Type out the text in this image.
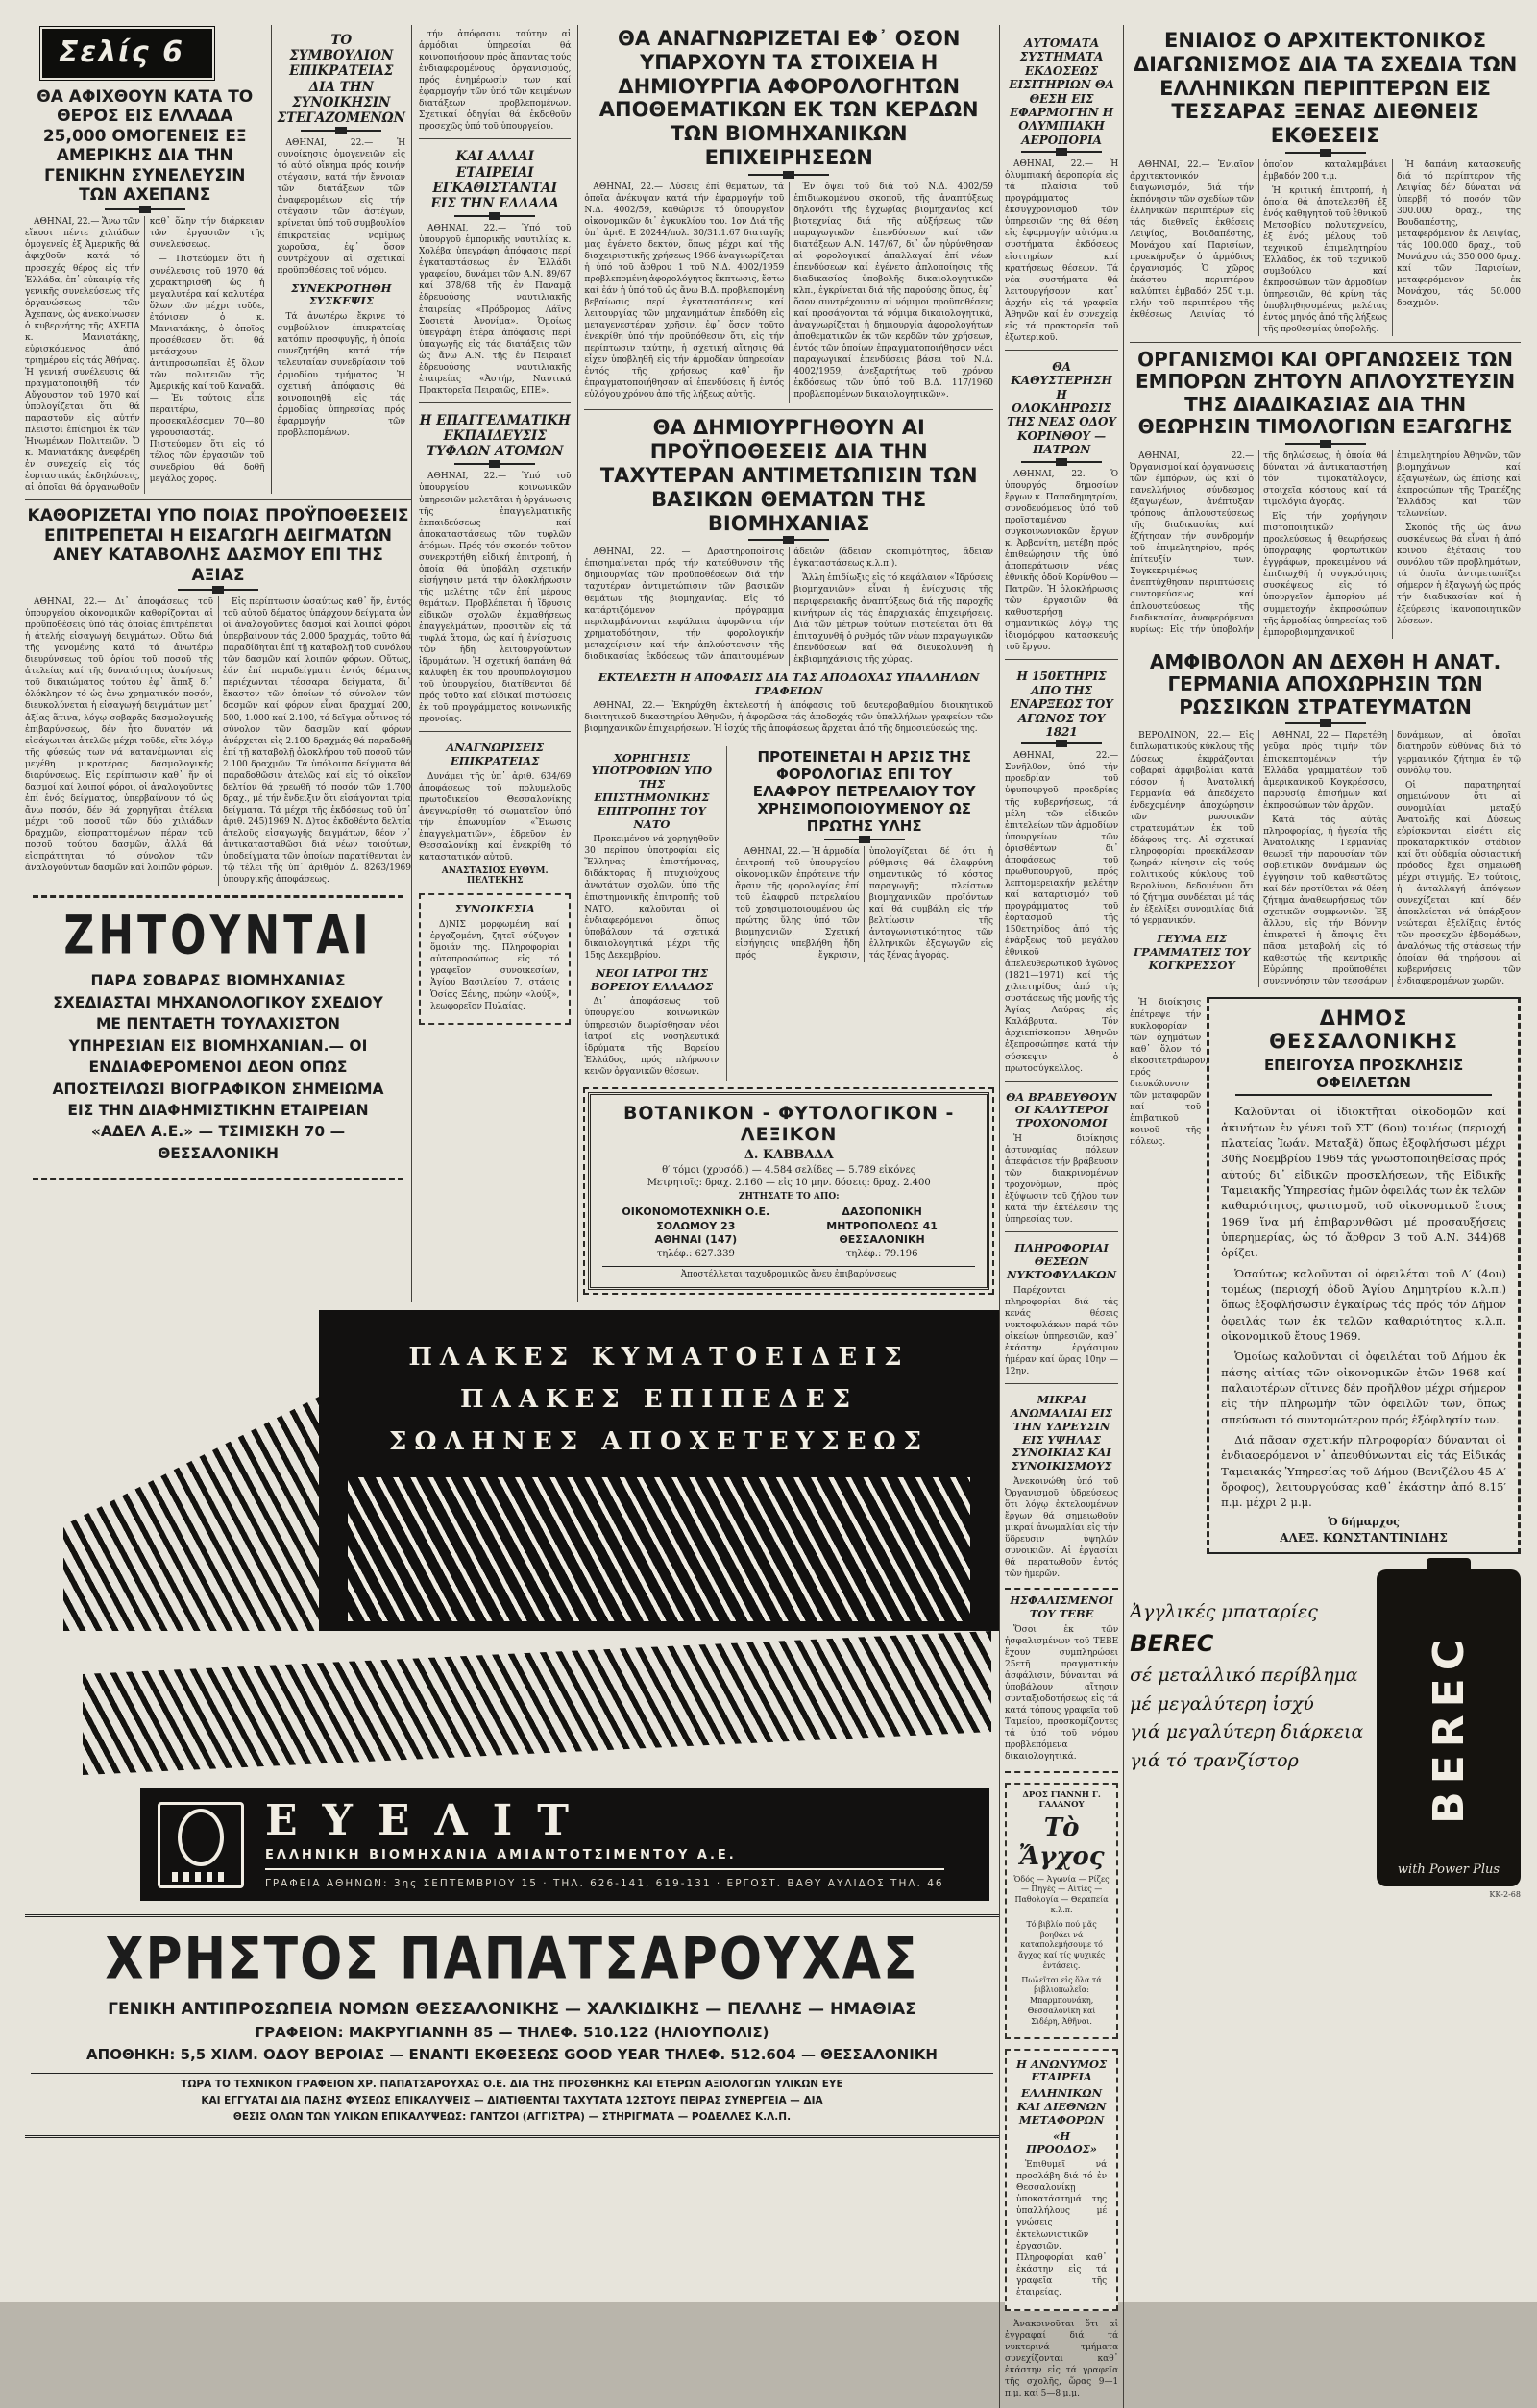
Σελίς 6
ΘΑ ΑΦΙΧΘΟΥΝ ΚΑΤΑ ΤΟ ΘΕΡΟΣ ΕΙΣ ΕΛΛΑΔΑ 25,000 ΟΜΟΓΕΝΕΙΣ ΕΞ ΑΜΕΡΙΚΗΣ ΔΙΑ ΤΗΝ ΓΕΝΙΚΗΝ ΣΥΝΕΛΕΥΣΙΝ ΤΩΝ ΑΧΕΠΑΝΣ

ΑΘΗΝΑΙ, 22.— Ἄνω τῶν εἴκοσι πέντε χιλιάδων ὁμογενεῖς ἐξ Ἀμερικῆς θά ἀφιχθοῦν κατά τό προσεχές θέρος εἰς τήν Ἑλλάδα, ἐπ᾽ εὐκαιρίᾳ τῆς γενικῆς συνελεύσεως τῆς ὀργανώσεως τῶν Ἀχεπανς, ὡς ἀνεκοίνωσεν ὁ κυβερνήτης τῆς ΑΧΕΠΑ κ. Μανιατάκης, εὑρισκόμενος ἀπό τριημέρου εἰς τάς Ἀθήνας. Ἡ γενική συνέλευσις θά πραγματοποιηθῆ τόν Αὔγουστον τοῦ 1970 καί ὑπολογίζεται ὅτι θά παραστοῦν εἰς αὐτήν πλεῖστοι ἐπίσημοι ἐκ τῶν Ἡνωμένων Πολιτειῶν. Ὁ κ. Μανιατάκης ἀνεφέρθη ἐν συνεχείᾳ εἰς τάς ἑορταστικάς ἐκδηλώσεις, αἱ ὁποῖαι θά ὀργανωθοῦν καθ᾽ ὅλην τήν διάρκειαν τῶν ἐργασιῶν τῆς συνελεύσεως.

— Πιστεύομεν ὅτι ἡ συνέλευσις τοῦ 1970 θά χαρακτηρισθῆ ὡς ἡ μεγαλυτέρα καί καλυτέρα ὅλων τῶν μέχρι τοῦδε, ἐτόνισεν ὁ κ. Μανιατάκης, ὁ ὁποῖος προσέθεσεν ὅτι θά μετάσχουν ἀντιπροσωπεῖαι ἐξ ὅλων τῶν πολιτειῶν τῆς Ἀμερικῆς καί τοῦ Καναδᾶ. — Ἐν τούτοις, εἶπε περαιτέρω, προσεκαλέσαμεν 70—80 γερουσιαστάς. Πιστεύομεν ὅτι εἰς τό τέλος τῶν ἐργασιῶν τοῦ συνεδρίου θά δοθῆ μεγάλος χορός.

ΤΟ ΣΥΜΒΟΥΛΙΟΝ ΕΠΙΚΡΑΤΕΙΑΣ ΔΙΑ ΤΗΝ ΣΥΝΟΙΚΗΣΙΝ ΣΤΕΓΑΖΟΜΕΝΩΝ

ΑΘΗΝΑΙ, 22.— Ἡ συνοίκησις ὁμογενειῶν εἰς τό αὐτό οἴκημα πρός κοινήν στέγασιν, κατά τήν ἔννοιαν τῶν διατάξεων τῶν ἀναφερομένων εἰς τήν στέγασιν τῶν ἀστέγων, κρίνεται ὑπό τοῦ συμβουλίου ἐπικρατείας νομίμως χωροῦσα, ἐφ᾽ ὅσον συντρέχουν αἱ σχετικαί προϋποθέσεις τοῦ νόμου.

ΣΥΝΕΚΡΟΤΗΘΗ ΣΥΣΚΕΨΙΣ

Τά ἀνωτέρω ἔκρινε τό συμβούλιον ἐπικρατείας κατόπιν προσφυγῆς, ἡ ὁποία συνεζητήθη κατά τήν τελευταίαν συνεδρίασιν τοῦ ἁρμοδίου τμήματος. Ἡ σχετική ἀπόφασις θά κοινοποιηθῆ εἰς τάς ἁρμοδίας ὑπηρεσίας πρός ἐφαρμογήν τῶν προβλεπομένων.

ΚΑΘΟΡΙΖΕΤΑΙ ΥΠΟ ΠΟΙΑΣ ΠΡΟΫΠΟΘΕΣΕΙΣ ΕΠΙΤΡΕΠΕΤΑΙ Η ΕΙΣΑΓΩΓΗ ΔΕΙΓΜΑΤΩΝ ΑΝΕΥ ΚΑΤΑΒΟΛΗΣ ΔΑΣΜΟΥ ΕΠΙ ΤΗΣ ΑΞΙΑΣ

ΑΘΗΝΑΙ, 22.— Δι᾽ ἀποφάσεως τοῦ ὑπουργείου οἰκονομικῶν καθορίζονται αἱ προϋποθέσεις ὑπό τάς ὁποίας ἐπιτρέπεται ἡ ἀτελής εἰσαγωγή δειγμάτων. Οὕτω διά τῆς γενομένης κατά τά ἀνωτέρω διευρύνσεως τοῦ ὁρίου τοῦ ποσοῦ τῆς ἀτελείας καί τῆς δυνατότητος ἀσκήσεως τοῦ δικαιώματος τούτου ἐφ᾽ ἅπαξ δι᾽ ὁλόκληρον τό ὡς ἄνω χρηματικόν ποσόν, διευκολύνεται ἡ εἰσαγωγή δειγμάτων μετ᾽ ἀξίας ἅτινα, λόγῳ σοβαρᾶς δασμολογικῆς ἐπιβαρύνσεως, δέν ἦτο δυνατόν νά εἰσάγωνται ἀτελῶς μέχρι τοῦδε, εἴτε λόγῳ τῆς φύσεώς των νά κατανέμωνται εἰς μεγέθη μικροτέρας δασμολογικῆς διαρύνσεως. Εἰς περίπτωσιν καθ᾽ ἥν οἱ δασμοί καί λοιποί φόροι, οἱ ἀναλογοῦντες ἐπί ἑνός δείγματος, ὑπερβαίνουν τό ὡς ἄνω ποσόν, δέν θά χορηγῆται ἀτέλεια μέχρι τοῦ ποσοῦ τῶν δύο χιλιάδων δραχμῶν, εἰσπραττομένων πέραν τοῦ ποσοῦ τούτου δασμῶν, ἀλλά θά εἰσπράττηται τό σύνολον τῶν ἀναλογούντων δασμῶν καί λοιπῶν φόρων.

Εἰς περίπτωσιν ὡσαύτως καθ᾽ ἥν, ἐντός τοῦ αὐτοῦ δέματος ὑπάρχουν δείγματα ὧν οἱ ἀναλογοῦντες δασμοί καί λοιποί φόροι ὑπερβαίνουν τάς 2.000 δραχμάς, τοῦτο θά παραδίδηται ἐπί τῇ καταβολῇ τοῦ συνόλου τῶν δασμῶν καί λοιπῶν φόρων. Οὕτως, ἐάν ἐπί παραδείγματι ἐντός δέματος περιέχωνται τέσσαρα δείγματα, δι᾽ ἕκαστον τῶν ὁποίων τό σύνολον τῶν δασμῶν καί φόρων εἶναι δραχμαί 200, 500, 1.000 καί 2.100, τό δεῖγμα οὗτινος τό σύνολον τῶν δασμῶν καί φόρων ἀνέρχεται εἰς 2.100 δραχμάς θά παραδοθῆ ἐπί τῇ καταβολῇ ὁλοκλήρου τοῦ ποσοῦ τῶν 2.100 δραχμῶν. Τά ὑπόλοιπα δείγματα θά παραδοθῶσιν ἀτελῶς καί εἰς τό οἰκεῖον δελτίον θά χρεωθῆ τό ποσόν τῶν 1.700 δραχ., μέ τήν ἔνδειξιν ὅτι εἰσάγονται τρία δείγματα. Τά μέχρι τῆς ἐκδόσεως τοῦ ὑπ᾽ ἀριθ. 245)1969 Ν. Δ)τος ἐκδοθέντα δελτία ἀτελοῦς εἰσαγωγῆς δειγμάτων, δέον ν᾽ ἀντικατασταθῶσι διά νέων τοιούτων, ὑποδείγματα τῶν ὁποίων παρατίθενται ἐν τῷ τέλει τῆς ὑπ᾽ ἀριθμόν Δ. 8263/1969 ὑπουργικῆς ἀποφάσεως.

ΖΗΤΟΥΝΤΑΙ
ΠΑΡΑ ΣΟΒΑΡΑΣ ΒΙΟΜΗΧΑΝΙΑΣ ΣΧΕΔΙΑΣΤΑΙ ΜΗΧΑΝΟΛΟΓΙΚΟΥ ΣΧΕΔΙΟΥ ΜΕ ΠΕΝΤΑΕΤΗ ΤΟΥΛΑΧΙΣΤΟΝ ΥΠΗΡΕΣΙΑΝ ΕΙΣ ΒΙΟΜΗΧΑΝΙΑΝ.— ΟΙ ΕΝΔΙΑΦΕΡΟΜΕΝΟΙ ΔΕΟΝ ΟΠΩΣ ΑΠΟΣΤΕΙΛΩΣΙ ΒΙΟΓΡΑΦΙΚΟΝ ΣΗΜΕΙΩΜΑ ΕΙΣ ΤΗΝ ΔΙΑΦΗΜΙΣΤΙΚΗΝ ΕΤΑΙΡΕΙΑΝ «ΑΔΕΛ Α.Ε.» — ΤΣΙΜΙΣΚΗ 70 — ΘΕΣΣΑΛΟΝΙΚΗ

τήν ἀπόφασιν ταύτην αἱ ἁρμόδιαι ὑπηρεσίαι θά κοινοποιήσουν πρός ἅπαντας τούς ἐνδιαφερομένους ὀργανισμούς, πρός ἐνημέρωσίν των καί ἐφαρμογήν τῶν ὑπό τῶν κειμένων διατάξεων προβλεπομένων. Σχετικαί ὁδηγίαι θά ἐκδοθοῦν προσεχῶς ὑπό τοῦ ὑπουργείου.

ΚΑΙ ΑΛΛΑΙ ΕΤΑΙΡΕΙΑΙ ΕΓΚΑΘΙΣΤΑΝΤΑΙ ΕΙΣ ΤΗΝ ΕΛΛΑΔΑ

ΑΘΗΝΑΙ, 22.— Ὑπό τοῦ ὑπουργοῦ ἐμπορικῆς ναυτιλίας κ. Χολέβα ὑπεγράφη ἀπόφασις περί ἐγκαταστάσεως ἐν Ἑλλάδι γραφείου, δυνάμει τῶν Α.Ν. 89/67 καί 378/68 τῆς ἐν Παναμᾷ ἑδρευούσης ναυτιλιακῆς ἑταιρείας «Πρόδρομος Λάϊνς Σοσιετά Ἀνονίμα». Ὁμοίως ὑπεγράφη ἑτέρα ἀπόφασις περί ὑπαγωγῆς εἰς τάς διατάξεις τῶν ὡς ἄνω Α.Ν. τῆς ἐν Πειραιεῖ ἑδρευούσης ναυτιλιακῆς ἑταιρείας «Ἀστήρ, Ναυτικά Πρακτορεῖα Πειραιῶς, ΕΠΕ».

Η ΕΠΑΓΓΕΛΜΑΤΙΚΗ ΕΚΠΑΙΔΕΥΣΙΣ ΤΥΦΛΩΝ ΑΤΟΜΩΝ

ΑΘΗΝΑΙ, 22.— Ὑπό τοῦ ὑπουργείου κοινωνικῶν ὑπηρεσιῶν μελετᾶται ἡ ὀργάνωσις τῆς ἐπαγγελματικῆς ἐκπαιδεύσεως καί ἀποκαταστάσεως τῶν τυφλῶν ἀτόμων. Πρός τόν σκοπόν τοῦτον συνεκροτήθη εἰδική ἐπιτροπή, ἡ ὁποία θά ὑποβάλη σχετικήν εἰσήγησιν μετά τήν ὁλοκλήρωσιν τῆς μελέτης τῶν ἐπί μέρους θεμάτων. Προβλέπεται ἡ ἵδρυσις εἰδικῶν σχολῶν ἐκμαθήσεως ἐπαγγελμάτων, προσιτῶν εἰς τά τυφλά ἄτομα, ὡς καί ἡ ἐνίσχυσις τῶν ἤδη λειτουργούντων ἱδρυμάτων. Ἡ σχετική δαπάνη θά καλυφθῆ ἐκ τοῦ προϋπολογισμοῦ τοῦ ὑπουργείου, διατίθενται δέ πρός τοῦτο καί εἰδικαί πιστώσεις ἐκ τοῦ προγράμματος κοινωνικῆς προνοίας.

ΑΝΑΓΝΩΡΙΣΕΙΣ ΕΠΙΚΡΑΤΕΙΑΣ

Δυνάμει τῆς ὑπ᾽ ἀριθ. 634/69 ἀποφάσεως τοῦ πολυμελοῦς πρωτοδικείου Θεσσαλονίκης ἀνεγνωρίσθη τό σωματεῖον ὑπό τήν ἐπωνυμίαν «Ἕνωσις ἐπαγγελματιῶν», ἑδρεῦον ἐν Θεσσαλονίκῃ καί ἐνεκρίθη τό καταστατικόν αὐτοῦ.

ΑΝΑΣΤΑΣΙΟΣ ΕΥΘΥΜ. ΠΕΛΤΕΚΗΣ
ΣΥΝΟΙΚΕΣΙΑ

Δ)ΝΙΣ μορφωμένη καί ἐργαζομένη, ζητεῖ σύζυγον ὅμοιάν της. Πληροφορίαι αὐτοπροσώπως εἰς τό γραφεῖον συνοικεσίων, Ἁγίου Βασιλείου 7, στάσις Ὁσίας Ξένης, πρώην «λούξ», λεωφορεῖον Πυλαίας.

ΘΑ ΑΝΑΓΝΩΡΙΖΕΤΑΙ ΕΦ᾽ ΟΣΟΝ ΥΠΑΡΧΟΥΝ ΤΑ ΣΤΟΙΧΕΙΑ Η ΔΗΜΙΟΥΡΓΙΑ ΑΦΟΡΟΛΟΓΗΤΩΝ ΑΠΟΘΕΜΑΤΙΚΩΝ ΕΚ ΤΩΝ ΚΕΡΔΩΝ ΤΩΝ ΒΙΟΜΗΧΑΝΙΚΩΝ ΕΠΙΧΕΙΡΗΣΕΩΝ

ΑΘΗΝΑΙ, 22.— Λύσεις ἐπί θεμάτων, τά ὁποῖα ἀνέκυψαν κατά τήν ἐφαρμογήν τοῦ Ν.Δ. 4002/59, καθώρισε τό ὑπουργεῖον οἰκονομικῶν δι᾽ ἐγκυκλίου του. 1ον Διά τῆς ὑπ᾽ ἀριθ. Ε 20244/πολ. 30/31.1.67 διαταγῆς μας ἐγένετο δεκτόν, ὅπως μέχρι καί τῆς διαχειριστικῆς χρήσεως 1966 ἀναγνωρίζεται ἡ ὑπό τοῦ ἄρθρου 1 τοῦ Ν.Δ. 4002/1959 προβλεπομένη ἀφορολόγητος ἔκπτωσις, ἔστω καί ἐάν ἡ ὑπό τοῦ ὡς ἄνω Β.Δ. προβλεπομένη βεβαίωσις περί ἐγκαταστάσεως καί λειτουργίας τῶν μηχανημάτων ἐπεδόθη εἰς μεταγενεστέραν χρῆσιν, ἐφ᾽ ὅσον τοῦτο ἐνεκρίθη ὑπό τήν προϋπόθεσιν ὅτι, εἰς τήν περίπτωσιν ταύτην, ἡ σχετική αἴτησις θά εἶχεν ὑποβληθῆ εἰς τήν ἁρμοδίαν ὑπηρεσίαν ἐντός τῆς χρήσεως καθ᾽ ἥν ἐπραγματοποιήθησαν αἱ ἐπενδύσεις ἤ ἐντός εὐλόγου χρόνου ἀπό τῆς λήξεως αὐτῆς.

Ἐν ὄψει τοῦ διά τοῦ Ν.Δ. 4002/59 ἐπιδιωκομένου σκοποῦ, τῆς ἀναπτύξεως δηλονότι τῆς ἐγχωρίας βιομηχανίας καί βιοτεχνίας διά τῆς αὐξήσεως τῶν παραγωγικῶν ἐπενδύσεων καί τῶν διατάξεων Α.Ν. 147/67, δι᾽ ὧν ηὐρύνθησαν αἱ φορολογικαί ἀπαλλαγαί ἐπί νέων ἐπενδύσεων καί ἐγένετο ἁπλοποίησις τῆς διαδικασίας ὑποβολῆς δικαιολογητικῶν κλπ., ἐγκρίνεται διά τῆς παρούσης ὅπως, ἐφ᾽ ὅσον συντρέχουσιν αἱ νόμιμοι προϋποθέσεις καί προσάγονται τά νόμιμα δικαιολογητικά, ἀναγνωρίζεται ἡ δημιουργία ἀφορολογήτων ἀποθεματικῶν ἐκ τῶν κερδῶν τῶν χρήσεων, ἐντός τῶν ὁποίων ἐπραγματοποιήθησαν νέαι παραγωγικαί ἐπενδύσεις βάσει τοῦ Ν.Δ. 4002/1959, ἀνεξαρτήτως τοῦ χρόνου ἐκδόσεως τῶν ὑπό τοῦ Β.Δ. 117/1960 προβλεπομένων δικαιολογητικῶν».

ΘΑ ΔΗΜΙΟΥΡΓΗΘΟΥΝ ΑΙ ΠΡΟΫΠΟΘΕΣΕΙΣ ΔΙΑ ΤΗΝ ΤΑΧΥΤΕΡΑΝ ΑΝΤΙΜΕΤΩΠΙΣΙΝ ΤΩΝ ΒΑΣΙΚΩΝ ΘΕΜΑΤΩΝ ΤΗΣ ΒΙΟΜΗΧΑΝΙΑΣ

ΑΘΗΝΑΙ, 22. — Δραστηροποίησις ἐπισημαίνεται πρός τήν κατεύθυνσιν τῆς δημιουργίας τῶν προϋποθέσεων διά τήν ταχυτέραν ἀντιμετώπισιν τῶν βασικῶν θεμάτων τῆς βιομηχανίας. Εἰς τό κατάρτιζόμενον πρόγραμμα περιλαμβάνονται κεφάλαια ἀφορῶντα τήν χρηματοδότησιν, τήν φορολογικήν μεταχείρισιν καί τήν ἁπλούστευσιν τῆς διαδικασίας ἐκδόσεως τῶν ἀπαιτουμένων ἀδειῶν (ἄδειαν σκοπιμότητος, ἄδειαν ἐγκαταστάσεως κ.λ.π.).

Ἄλλη ἐπιδίωξις εἰς τό κεφάλαιον «Ἱδρύσεις βιομηχανιῶν» εἶναι ἡ ἐνίσχυσις τῆς περιφερειακῆς ἀναπτύξεως διά τῆς παροχῆς κινήτρων εἰς τάς ἐπαρχιακάς ἐπιχειρήσεις. Διά τῶν μέτρων τούτων πιστεύεται ὅτι θά ἐπιταχυνθῆ ὁ ρυθμός τῶν νέων παραγωγικῶν ἐπενδύσεων καί θά διευκολυνθῆ ἡ ἐκβιομηχάνισις τῆς χώρας.

ΕΚΤΕΛΕΣΤΗ Η ΑΠΟΦΑΣΙΣ ΔΙΑ ΤΑΣ ΑΠΟΔΟΧΑΣ ΥΠΑΛΛΗΛΩΝ ΓΡΑΦΕΙΩΝ

ΑΘΗΝΑΙ, 22.— Ἐκηρύχθη ἐκτελεστή ἡ ἀπόφασις τοῦ δευτεροβαθμίου διοικητικοῦ διαιτητικοῦ δικαστηρίου Ἀθηνῶν, ἡ ἀφορῶσα τάς ἀποδοχάς τῶν ὑπαλλήλων γραφείων τῶν βιομηχανικῶν ἐπιχειρήσεων. Ἡ ἰσχύς τῆς ἀποφάσεως ἄρχεται ἀπό τῆς δημοσιεύσεώς της.

ΧΟΡΗΓΗΣΙΣ ΥΠΟΤΡΟΦΙΩΝ ΥΠΟ ΤΗΣ ΕΠΙΣΤΗΜΟΝΙΚΗΣ ΕΠΙΤΡΟΠΗΣ ΤΟΥ ΝΑΤΟ

Προκειμένου νά χορηγηθοῦν 30 περίπου ὑποτροφίαι εἰς Ἕλληνας ἐπιστήμονας, διδάκτορας ἤ πτυχιούχους ἀνωτάτων σχολῶν, ὑπό τῆς ἐπιστημονικῆς ἐπιτροπῆς τοῦ ΝΑΤΟ, καλοῦνται οἱ ἐνδιαφερόμενοι ὅπως ὑποβάλουν τά σχετικά δικαιολογητικά μέχρι τῆς 15ης Δεκεμβρίου.

ΝΕΟΙ ΙΑΤΡΟΙ ΤΗΣ ΒΟΡΕΙΟΥ ΕΛΛΑΔΟΣ

Δι᾽ ἀποφάσεως τοῦ ὑπουργείου κοινωνικῶν ὑπηρεσιῶν διωρίσθησαν νέοι ἰατροί εἰς νοσηλευτικά ἱδρύματα τῆς Βορείου Ἑλλάδος, πρός πλήρωσιν κενῶν ὀργανικῶν θέσεων.

ΠΡΟΤΕΙΝΕΤΑΙ Η ΑΡΣΙΣ ΤΗΣ ΦΟΡΟΛΟΓΙΑΣ ΕΠΙ ΤΟΥ ΕΛΑΦΡΟΥ ΠΕΤΡΕΛΑΙΟΥ ΤΟΥ ΧΡΗΣΙΜΟΠΟΙΟΥΜΕΝΟΥ ΩΣ ΠΡΩΤΗΣ ΥΛΗΣ

ΑΘΗΝΑΙ, 22.— Ἡ ἁρμοδία ἐπιτροπή τοῦ ὑπουργείου οἰκονομικῶν ἐπρότεινε τήν ἄρσιν τῆς φορολογίας ἐπί τοῦ ἐλαφροῦ πετρελαίου τοῦ χρησιμοποιουμένου ὡς πρώτης ὕλης ὑπό τῶν βιομηχανιῶν. Σχετική εἰσήγησις ὑπεβλήθη ἤδη πρός ἔγκρισιν, ὑπολογίζεται δέ ὅτι ἡ ρύθμισις θά ἐλαφρύνη σημαντικῶς τό κόστος παραγωγῆς πλείστων βιομηχανικῶν προϊόντων καί θά συμβάλη εἰς τήν βελτίωσιν τῆς ἀνταγωνιστικότητος τῶν ἑλληνικῶν ἐξαγωγῶν εἰς τάς ξένας ἀγοράς.

ΒΟΤΑΝΙΚΟΝ - ΦΥΤΟΛΟΓΙΚΟΝ - ΛΕΞΙΚΟΝ
Δ. ΚΑΒΒΑΔΑ
θ′ τόμοι (χρυσόδ.) — 4.584 σελίδες — 5.789 εἰκόνες
Μετρητοῖς: δραχ. 2.160 — εἰς 10 μην. δόσεις: δραχ. 2.400
ΖΗΤΗΣΑΤΕ ΤΟ ΑΠΟ:
ΟΙΚΟΝΟΜΟΤΕΧΝΙΚΗ Ο.Ε.
ΣΟΛΩΜΟΥ 23
ΑΘΗΝΑΙ (147)
τηλέφ.: 627.339
ΔΑΣΟΠΟΝΙΚΗ
ΜΗΤΡΟΠΟΛΕΩΣ 41
ΘΕΣΣΑΛΟΝΙΚΗ
τηλέφ.: 79.196
Ἀποστέλλεται ταχυδρομικῶς ἄνευ ἐπιβαρύνσεως
ΠΛΑΚΕΣ ΚΥΜΑΤΟΕΙΔΕΙΣ
ΠΛΑΚΕΣ ΕΠΙΠΕΔΕΣ
ΣΩΛΗΝΕΣ ΑΠΟΧΕΤΕΥΣΕΩΣ
ΕΥΕΛΙΤ
ΕΛΛΗΝΙΚΗ ΒΙΟΜΗΧΑΝΙΑ ΑΜΙΑΝΤΟΤΣΙΜΕΝΤΟΥ Α.Ε.
ΓΡΑΦΕΙΑ ΑΘΗΝΩΝ: 3ης ΣΕΠΤΕΜΒΡΙΟΥ 15 · ΤΗΛ. 626-141, 619-131 · ΕΡΓΟΣΤ. ΒΑΘΥ ΑΥΛΙΔΟΣ ΤΗΛ. 46
ΧΡΗΣΤΟΣ ΠΑΠΑΤΣΑΡΟΥΧΑΣ
ΓΕΝΙΚΗ ΑΝΤΙΠΡΟΣΩΠΕΙΑ ΝΟΜΩΝ ΘΕΣΣΑΛΟΝΙΚΗΣ — ΧΑΛΚΙΔΙΚΗΣ — ΠΕΛΛΗΣ — ΗΜΑΘΙΑΣ
ΓΡΑΦΕΙΟΝ: ΜΑΚΡΥΓΙΑΝΝΗ 85 — ΤΗΛΕΦ. 510.122 (ΗΛΙΟΥΠΟΛΙΣ)
ΑΠΟΘΗΚΗ: 5,5 ΧΙΛΜ. ΟΔΟΥ ΒΕΡΟΙΑΣ — ΕΝΑΝΤΙ ΕΚΘΕΣΕΩΣ GOOD YEAR ΤΗΛΕΦ. 512.604 — ΘΕΣΣΑΛΟΝΙΚΗ
ΤΩΡΑ ΤΟ ΤΕΧΝΙΚΟΝ ΓΡΑΦΕΙΟΝ ΧΡ. ΠΑΠΑΤΣΑΡΟΥΧΑΣ Ο.Ε. ΔΙΑ ΤΗΣ ΠΡΟΣΘΗΚΗΣ ΚΑΙ ΕΤΕΡΩΝ ΑΞΙΟΛΟΓΩΝ ΥΛΙΚΩΝ ΕΥΕ
ΚΑΙ ΕΓΓΥΑΤΑΙ ΔΙΑ ΠΑΣΗΣ ΦΥΣΕΩΣ ΕΠΙΚΑΛΥΨΕΙΣ — ΔΙΑΤΙΘΕΝΤΑΙ ΤΑΧΥΤΑΤΑ 12ΣΤΟΥΣ ΠΕΙΡΑΣ ΣΥΝΕΡΓΕΙΑ — ΔΙΑ
ΘΕΣΙΣ ΟΛΩΝ ΤΩΝ ΥΛΙΚΩΝ ΕΠΙΚΑΛΥΨΕΩΣ: ΓΑΝΤΖΟΙ (ΑΓΓΙΣΤΡΑ) — ΣΤΗΡΙΓΜΑΤΑ — ΡΟΔΕΛΛΕΣ Κ.Λ.Π.
ΑΥΤΟΜΑΤΑ ΣΥΣΤΗΜΑΤΑ ΕΚΔΟΣΕΩΣ ΕΙΣΙΤΗΡΙΩΝ ΘΑ ΘΕΣΗ ΕΙΣ ΕΦΑΡΜΟΓΗΝ Η ΟΛΥΜΠΙΑΚΗ ΑΕΡΟΠΟΡΙΑ

ΑΘΗΝΑΙ, 22.— Ἡ ὀλυμπιακή ἀεροπορία εἰς τά πλαίσια τοῦ προγράμματος ἐκσυγχρονισμοῦ τῶν ὑπηρεσιῶν της θά θέση εἰς ἐφαρμογήν αὐτόματα συστήματα ἐκδόσεως εἰσιτηρίων καί κρατήσεως θέσεων. Τά νέα συστήματα θά λειτουργήσουν κατ᾽ ἀρχήν εἰς τά γραφεῖα Ἀθηνῶν καί ἐν συνεχείᾳ εἰς τά πρακτορεῖα τοῦ ἐξωτερικοῦ.

ΘΑ ΚΑΘΥΣΤΕΡΗΣΗ Η ΟΛΟΚΛΗΡΩΣΙΣ ΤΗΣ ΝΕΑΣ ΟΔΟΥ ΚΟΡΙΝΘΟΥ — ΠΑΤΡΩΝ

ΑΘΗΝΑΙ, 22.— Ὁ ὑπουργός δημοσίων ἔργων κ. Παπαδημητρίου, συνοδευόμενος ὑπό τοῦ προϊσταμένου συγκοινωνιακῶν ἔργων κ. Ἀρβανίτη, μετέβη πρός ἐπιθεώρησιν τῆς ὑπό ἀποπεράτωσιν νέας ἐθνικῆς ὁδοῦ Κορίνθου — Πατρῶν. Ἡ ὁλοκλήρωσις τῶν ἐργασιῶν θά καθυστερήσῃ σημαντικῶς λόγῳ τῆς ἰδιομόρφου κατασκευῆς τοῦ ἔργου.

Η 150ΕΤΗΡΙΣ ΑΠΟ ΤΗΣ ΕΝΑΡΞΕΩΣ ΤΟΥ ΑΓΩΝΟΣ ΤΟΥ 1821

ΑΘΗΝΑΙ, 22.— Συνῆλθον, ὑπό τήν προεδρίαν τοῦ ὑφυπουργοῦ προεδρίας τῆς κυβερνήσεως, τά μέλη τῶν εἰδικῶν ἐπιτελείων τῶν ἁρμοδίων ὑπουργείων τῶν ὁρισθέντων δι᾽ ἀποφάσεως τοῦ πρωθυπουργοῦ, πρός λεπτομερειακήν μελέτην καί καταρτισμόν τοῦ προγράμματος τοῦ ἑορτασμοῦ τῆς 150ετηρίδος ἀπό τῆς ἐνάρξεως τοῦ μεγάλου ἐθνικοῦ ἀπελευθερωτικοῦ ἀγῶνος (1821—1971) καί τῆς χιλιετηρίδος ἀπό τῆς συστάσεως τῆς μονῆς τῆς Ἁγίας Λαύρας εἰς Καλάβρυτα. Τόν ἀρχιεπίσκοπον Ἀθηνῶν ἐξεπροσώπησε κατά τήν σύσκεψιν ὁ πρωτοσύγκελλος.

ΘΑ ΒΡΑΒΕΥΘΟΥΝ ΟΙ ΚΑΛΥΤΕΡΟΙ ΤΡΟΧΟΝΟΜΟΙ

Ἡ διοίκησις ἀστυνομίας πόλεων ἀπεφάσισε τήν βράβευσιν τῶν διακρινομένων τροχονόμων, πρός ἐξύψωσιν τοῦ ζήλου των κατά τήν ἐκτέλεσιν τῆς ὑπηρεσίας των.

ΠΛΗΡΟΦΟΡΙΑΙ ΘΕΣΕΩΝ ΝΥΚΤΟΦΥΛΑΚΩΝ

Παρέχονται πληροφορίαι διά τάς κενάς θέσεις νυκτοφυλάκων παρά τῶν οἰκείων ὑπηρεσιῶν, καθ᾽ ἑκάστην ἐργάσιμον ἡμέραν καί ὥρας 10ην — 12ην.

ΜΙΚΡΑΙ ΑΝΩΜΑΛΙΑΙ ΕΙΣ ΤΗΝ ΥΔΡΕΥΣΙΝ ΕΙΣ ΥΨΗΛΑΣ ΣΥΝΟΙΚΙΑΣ ΚΑΙ ΣΥΝΟΙΚΙΣΜΟΥΣ

Ἀνεκοινώθη ὑπό τοῦ Ὀργανισμοῦ ὑδρεύσεως ὅτι λόγῳ ἐκτελουμένων ἔργων θά σημειωθοῦν μικραί ἀνωμαλίαι εἰς τήν ὕδρευσιν ὑψηλῶν συνοικιῶν. Αἱ ἐργασίαι θά περατωθοῦν ἐντός τῶν ἡμερῶν.

ΗΣΦΑΛΙΣΜΕΝΟΙ ΤΟΥ ΤΕΒΕ

Ὅσοι ἐκ τῶν ἠσφαλισμένων τοῦ ΤΕΒΕ ἔχουν συμπληρώσει 25ετῆ πραγματικήν ἀσφάλισιν, δύνανται νά ὑποβάλουν αἴτησιν συνταξιοδοτήσεως εἰς τά κατά τόπους γραφεῖα τοῦ Ταμείου, προσκομίζοντες τά ὑπό τοῦ νόμου προβλεπόμενα δικαιολογητικά.

ΔΡΟΣ ΓΙΑΝΝΗ Γ. ΓΑΛΑΝΟΥ
Τὸ Ἄγχος
Ὁδός — Ἀγωνία — Ρίζες — Πηγές — Αἰτίες — Παθολογία — Θεραπεία κ.λ.π.
Τό βιβλίο πού μᾶς βοηθάει νά καταπολεμήσουμε τό ἄγχος καί τίς ψυχικές ἐντάσεις.
Πωλεῖται εἰς ὅλα τά βιβλιοπωλεῖα: Μπαρμπουνάκη, Θεσσαλονίκη καί Σιδέρη, Ἀθῆναι.
Η ΑΝΩΝΥΜΟΣ ΕΤΑΙΡΕΙΑ
ΕΛΛΗΝΙΚΩΝ ΚΑΙ ΔΙΕΘΝΩΝ ΜΕΤΑΦΟΡΩΝ
«Η ΠΡΟΟΔΟΣ»

Ἐπιθυμεῖ νά προσλάβη διά τό ἐν Θεσσαλονίκῃ ὑποκατάστημά της ὑπαλλήλους μέ γνώσεις ἐκτελωνιστικῶν ἐργασιῶν. Πληροφορίαι καθ᾽ ἑκάστην εἰς τά γραφεῖα τῆς ἑταιρείας.

Ἀνακοινοῦται ὅτι αἱ ἐγγραφαί διά τά νυκτερινά τμήματα συνεχίζονται καθ᾽ ἑκάστην εἰς τά γραφεῖα τῆς σχολῆς, ὥρας 9—1 π.μ. καί 5—8 μ.μ.

ΕΝΙΑΙΟΣ Ο ΑΡΧΙΤΕΚΤΟΝΙΚΟΣ ΔΙΑΓΩΝΙΣΜΟΣ ΔΙΑ ΤΑ ΣΧΕΔΙΑ ΤΩΝ ΕΛΛΗΝΙΚΩΝ ΠΕΡΙΠΤΕΡΩΝ ΕΙΣ ΤΕΣΣΑΡΑΣ ΞΕΝΑΣ ΔΙΕΘΝΕΙΣ ΕΚΘΕΣΕΙΣ

ΑΘΗΝΑΙ, 22.— Ἑνιαῖον ἀρχιτεκτονικόν διαγωνισμόν, διά τήν ἐκπόνησιν τῶν σχεδίων τῶν ἑλληνικῶν περιπτέρων εἰς τάς διεθνεῖς ἐκθέσεις Λειψίας, Βουδαπέστης, Μονάχου καί Παρισίων, προεκήρυξεν ὁ ἁρμόδιος ὀργανισμός. Ὁ χῶρος ἑκάστου περιπτέρου καλύπτει ἐμβαδόν 250 τ.μ. πλήν τοῦ περιπτέρου τῆς ἐκθέσεως Λειψίας τό ὁποῖον καταλαμβάνει ἐμβαδόν 200 τ.μ.

Ἡ κριτική ἐπιτροπή, ἡ ὁποία θά ἀποτελεσθῆ ἐξ ἑνός καθηγητοῦ τοῦ ἐθνικοῦ Μετσοβίου πολυτεχνείου, ἐξ ἑνός μέλους τοῦ τεχνικοῦ ἐπιμελητηρίου Ἑλλάδος, ἐκ τοῦ τεχνικοῦ συμβούλου καί ἐκπροσώπων τῶν ἁρμοδίων ὑπηρεσιῶν, θά κρίνη τάς ὑποβληθησομένας μελέτας ἐντός μηνός ἀπό τῆς λήξεως τῆς προθεσμίας ὑποβολῆς.

Ἡ δαπάνη κατασκευῆς διά τό περίπτερον τῆς Λειψίας δέν δύναται νά ὑπερβῆ τό ποσόν τῶν 300.000 δραχ., τῆς Βουδαπέστης, μεταφερόμενον ἐκ Λειψίας, τάς 100.000 δραχ., τοῦ Μονάχου τάς 350.000 δραχ. καί τῶν Παρισίων, μεταφερόμενον ἐκ Μονάχου, τάς 50.000 δραχμῶν.

ΟΡΓΑΝΙΣΜΟΙ ΚΑΙ ΟΡΓΑΝΩΣΕΙΣ ΤΩΝ ΕΜΠΟΡΩΝ ΖΗΤΟΥΝ ΑΠΛΟΥΣΤΕΥΣΙΝ ΤΗΣ ΔΙΑΔΙΚΑΣΙΑΣ ΔΙΑ ΤΗΝ ΘΕΩΡΗΣΙΝ ΤΙΜΟΛΟΓΙΩΝ ΕΞΑΓΩΓΗΣ

ΑΘΗΝΑΙ, 22.— Ὀργανισμοί καί ὀργανώσεις τῶν ἐμπόρων, ὡς καί ὁ πανελλήνιος σύνδεσμος ἐξαγωγέων, ἀνέπτυξαν τρόπους ἁπλουστεύσεως τῆς διαδικασίας καί ἐζήτησαν τήν συνδρομήν τοῦ ἐπιμελητηρίου, πρός ἐπίτευξίν των. Συγκεκριμένως ἀνεπτύχθησαν περιπτώσεις συντομεύσεως καί ἁπλουστεύσεως τῆς διαδικασίας, ἀναφερόμεναι κυρίως: Εἰς τήν ὑποβολήν τῆς δηλώσεως, ἡ ὁποία θά δύναται νά ἀντικαταστήση τόν τιμοκατάλογον, στοιχεῖα κόστους καί τά τιμολόγια ἀγορᾶς.

Εἰς τήν χορήγησιν πιστοποιητικῶν προελεύσεως ἤ θεωρήσεως ὑπογραφῆς φορτωτικῶν ἐγγράφων, προκειμένου νά ἐπιδιωχθῆ ἡ συγκρότησις συσκέψεως εἰς τό ὑπουργεῖον ἐμπορίου μέ συμμετοχήν ἐκπροσώπων τῆς ἁρμοδίας ὑπηρεσίας τοῦ ἐμποροβιομηχανικοῦ ἐπιμελητηρίου Ἀθηνῶν, τῶν βιομηχάνων καί ἐξαγωγέων, ὡς ἐπίσης καί ἐκπροσώπων τῆς Τραπέζης Ἑλλάδος καί τῶν τελωνείων.

Σκοπός τῆς ὡς ἄνω συσκέψεως θά εἶναι ἡ ἀπό κοινοῦ ἐξέτασις τοῦ συνόλου τῶν προβλημάτων, τά ὁποῖα ἀντιμετωπίζει σήμερον ἡ ἐξαγωγή ὡς πρός τήν διαδικασίαν καί ἡ ἐξεύρεσις ἱκανοποιητικῶν λύσεων.

ΑΜΦΙΒΟΛΟΝ ΑΝ ΔΕΧΘΗ Η ΑΝΑΤ. ΓΕΡΜΑΝΙΑ ΑΠΟΧΩΡΗΣΙΝ ΤΩΝ ΡΩΣΣΙΚΩΝ ΣΤΡΑΤΕΥΜΑΤΩΝ

ΒΕΡΟΛΙΝΟΝ, 22.— Εἰς διπλωματικούς κύκλους τῆς Δύσεως ἐκφράζονται σοβαραί ἀμφιβολίαι κατά πόσον ἡ Ἀνατολική Γερμανία θά ἀπεδέχετο ἐνδεχομένην ἀποχώρησιν τῶν ρωσσικῶν στρατευμάτων ἐκ τοῦ ἐδάφους της. Αἱ σχετικαί πληροφορίαι προεκάλεσαν ζωηράν κίνησιν εἰς τούς πολιτικούς κύκλους τοῦ Βερολίνου, δεδομένου ὅτι τό ζήτημα συνδέεται μέ τάς ἐν ἐξελίξει συνομιλίας διά τό γερμανικόν.

ΓΕΥΜΑ ΕΙΣ ΓΡΑΜΜΑΤΕΙΣ ΤΟΥ ΚΟΓΚΡΕΣΣΟΥ

ΑΘΗΝΑΙ, 22.— Παρετέθη γεῦμα πρός τιμήν τῶν ἐπισκεπτομένων τήν Ἑλλάδα γραμματέων τοῦ ἀμερικανικοῦ Κογκρέσσου, παρουσίᾳ ἐπισήμων καί ἐκπροσώπων τῶν ἀρχῶν.

Κατά τάς αὐτάς πληροφορίας, ἡ ἡγεσία τῆς Ἀνατολικῆς Γερμανίας θεωρεῖ τήν παρουσίαν τῶν σοβιετικῶν δυνάμεων ὡς ἐγγύησιν τοῦ καθεστῶτος καί δέν προτίθεται νά θέση ζήτημα ἀναθεωρήσεως τῶν σχετικῶν συμφωνιῶν. Ἐξ ἄλλου, εἰς τήν Βόννην ἐπικρατεῖ ἡ ἄποψις ὅτι πᾶσα μεταβολή εἰς τό καθεστώς τῆς κεντρικῆς Εὐρώπης προϋποθέτει συνεννόησιν τῶν τεσσάρων δυνάμεων, αἱ ὁποῖαι διατηροῦν εὐθύνας διά τό γερμανικόν ζήτημα ἐν τῷ συνόλῳ του.

Οἱ παρατηρηταί σημειώνουν ὅτι αἱ συνομιλίαι μεταξύ Ἀνατολῆς καί Δύσεως εὑρίσκονται εἰσέτι εἰς προκαταρκτικόν στάδιον καί ὅτι οὐδεμία οὐσιαστική πρόοδος ἔχει σημειωθῆ μέχρι στιγμῆς. Ἐν τούτοις, ἡ ἀνταλλαγή ἀπόψεων συνεχίζεται καί δέν ἀποκλείεται νά ὑπάρξουν νεώτεραι ἐξελίξεις ἐντός τῶν προσεχῶν ἑβδομάδων, ἀναλόγως τῆς στάσεως τήν ὁποίαν θά τηρήσουν αἱ κυβερνήσεις τῶν ἐνδιαφερομένων χωρῶν.

Ἡ διοίκησις ἐπέτρεψε τήν κυκλοφορίαν τῶν ὀχημάτων καθ᾽ ὅλον τό εἰκοσιτετράωρον, πρός διευκόλυνσιν τῶν μεταφορῶν καί τοῦ ἐπιβατικοῦ κοινοῦ τῆς πόλεως.

ΔΗΜΟΣ ΘΕΣΣΑΛΟΝΙΚΗΣ
ΕΠΕΙΓΟΥΣΑ ΠΡΟΣΚΛΗΣΙΣ ΟΦΕΙΛΕΤΩΝ

Καλοῦνται οἱ ἰδιοκτῆται οἰκοδομῶν καί ἀκινήτων ἐν γένει τοῦ ΣΤ′ (6ου) τομέως (περιοχή πλατείας Ἰωάν. Μεταξᾶ) ὅπως ἐξοφλήσωσι μέχρι 30ῆς Νοεμβρίου 1969 τάς γνωστοποιηθείσας πρός αὐτούς δι᾽ εἰδικῶν προσκλήσεων, τῆς Εἰδικῆς Ταμειακῆς Ὑπηρεσίας ἡμῶν ὀφειλάς των ἐκ τελῶν καθαριότητος, φωτισμοῦ, τοῦ οἰκονομικοῦ ἔτους 1969 ἵνα μή ἐπιβαρυνθῶσι μέ προσαυξήσεις ὑπερημερίας, ὡς τό ἄρθρον 3 τοῦ Α.Ν. 344)68 ὁρίζει.

Ὡσαύτως καλοῦνται οἱ ὀφειλέται τοῦ Δ′ (4ου) τομέως (περιοχή ὁδοῦ Ἁγίου Δημητρίου κ.λ.π.) ὅπως ἐξοφλήσωσιν ἐγκαίρως τάς πρός τόν Δῆμον ὀφειλάς των ἐκ τελῶν καθαριότητος κ.λ.π. οἰκονομικοῦ ἔτους 1969.

Ὁμοίως καλοῦνται οἱ ὀφειλέται τοῦ Δήμου ἐκ πάσης αἰτίας τῶν οἰκονομικῶν ἐτῶν 1968 καί παλαιοτέρων οἵτινες δέν προῆλθον μέχρι σήμερον εἰς τήν πληρωμήν τῶν ὀφειλῶν των, ὅπως σπεύσωσι τό συντομώτερον πρός ἐξόφλησίν των.

Διά πᾶσαν σχετικήν πληροφορίαν δύνανται οἱ ἐνδιαφερόμενοι ν᾽ ἀπευθύνωνται εἰς τάς Εἰδικάς Ταμειακάς Ὑπηρεσίας τοῦ Δήμου (Βενιζέλου 45 Α′ ὄροφος), λειτουργούσας καθ᾽ ἑκάστην ἀπό 8.15′ π.μ. μέχρι 2 μ.μ.

Ὁ δήμαρχος
ΑΛΕΞ. ΚΩΝΣΤΑΝΤΙΝΙΔΗΣ
Ἀγγλικές μπαταρίες
BEREC
σέ μεταλλικό περίβλημα
μέ μεγαλύτερη ἰσχύ
γιά μεγαλύτερη διάρκεια
γιά τό τρανζίστορ	BEREC
with Power Plus
ΚΚ-2-68
